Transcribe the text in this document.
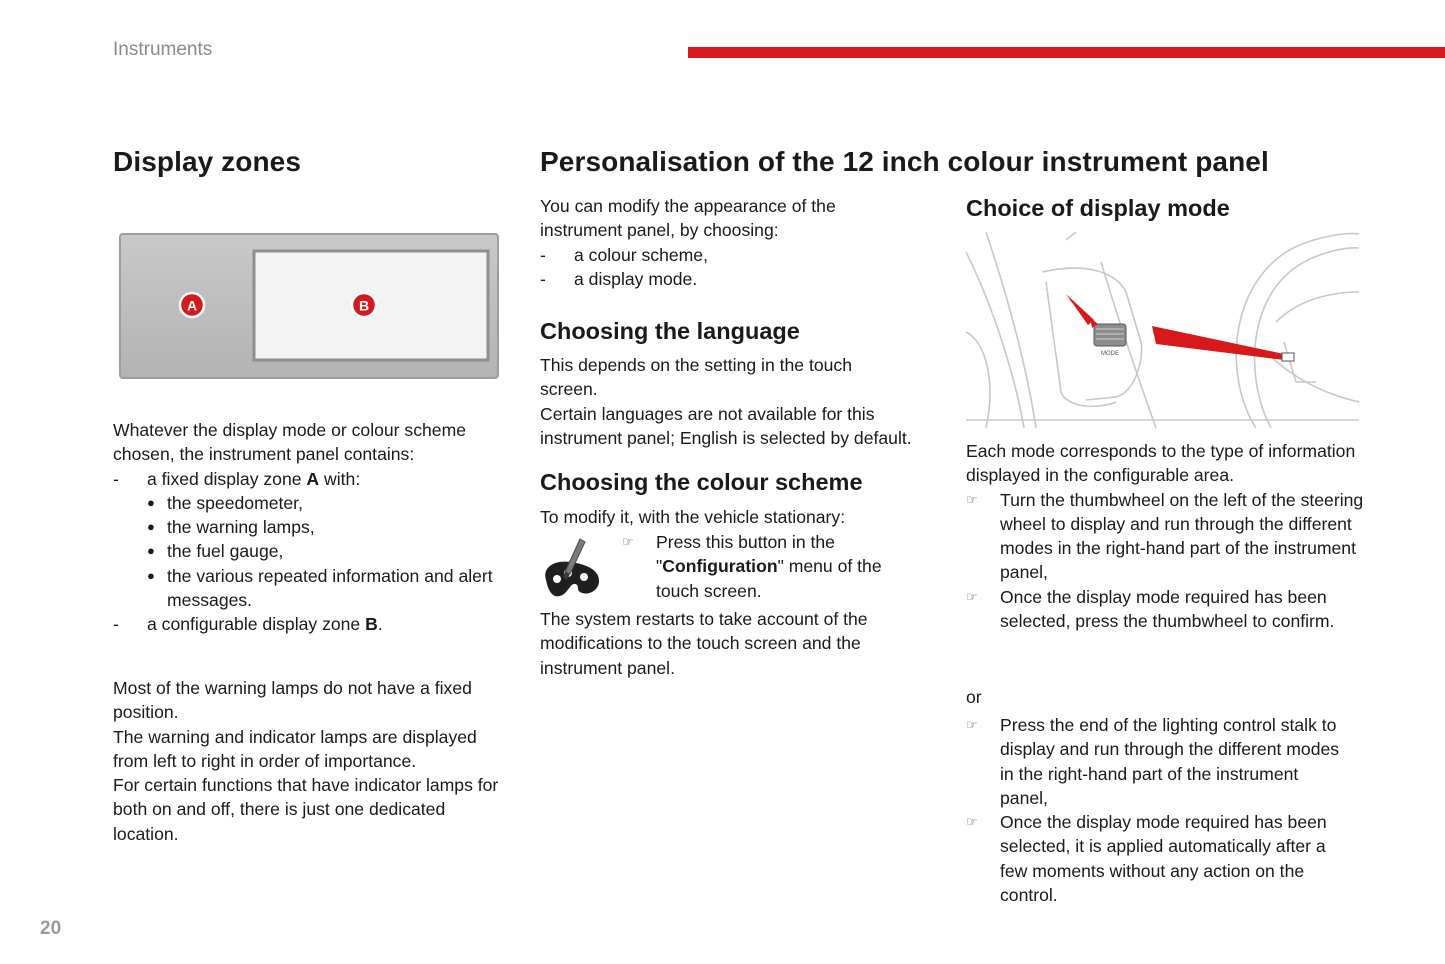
Instruments
Display zones
A	B

Whatever the display mode or colour scheme chosen, the instrument panel contains:

-	a fixed display zone A with:

● the speedometer,

● the warning lamps,

● the fuel gauge,

● the various repeated information and alert messages.

-	a configurable display zone B.

Most of the warning lamps do not have a fixed position.

The warning and indicator lamps are displayed from left to right in order of importance.

For certain functions that have indicator lamps for both on and off, there is just one dedicated location.

Personalisation of the 12 inch colour instrument panel

You can modify the appearance of the instrument panel, by choosing:

-	a colour scheme,

-	a display mode.

Choosing the language

This depends on the setting in the touch screen.

Certain languages are not available for this instrument panel; English is selected by default.

Choosing the colour scheme

To modify it, with the vehicle stationary:

☞	Press this button in the "Configuration" menu of the touch screen.

The system restarts to take account of the modifications to the touch screen and the instrument panel.

Choice of display mode
MODE

Each mode corresponds to the type of information displayed in the configurable area.

☞	Turn the thumbwheel on the left of the steering wheel to display and run through the different modes in the right-hand part of the instrument panel,

☞	Once the display mode required has been selected, press the thumbwheel to confirm.

or

☞	Press the end of the lighting control stalk to display and run through the different modes in the right-hand part of the instrument panel,

☞	Once the display mode required has been selected, it is applied automatically after a few moments without any action on the control.

20
